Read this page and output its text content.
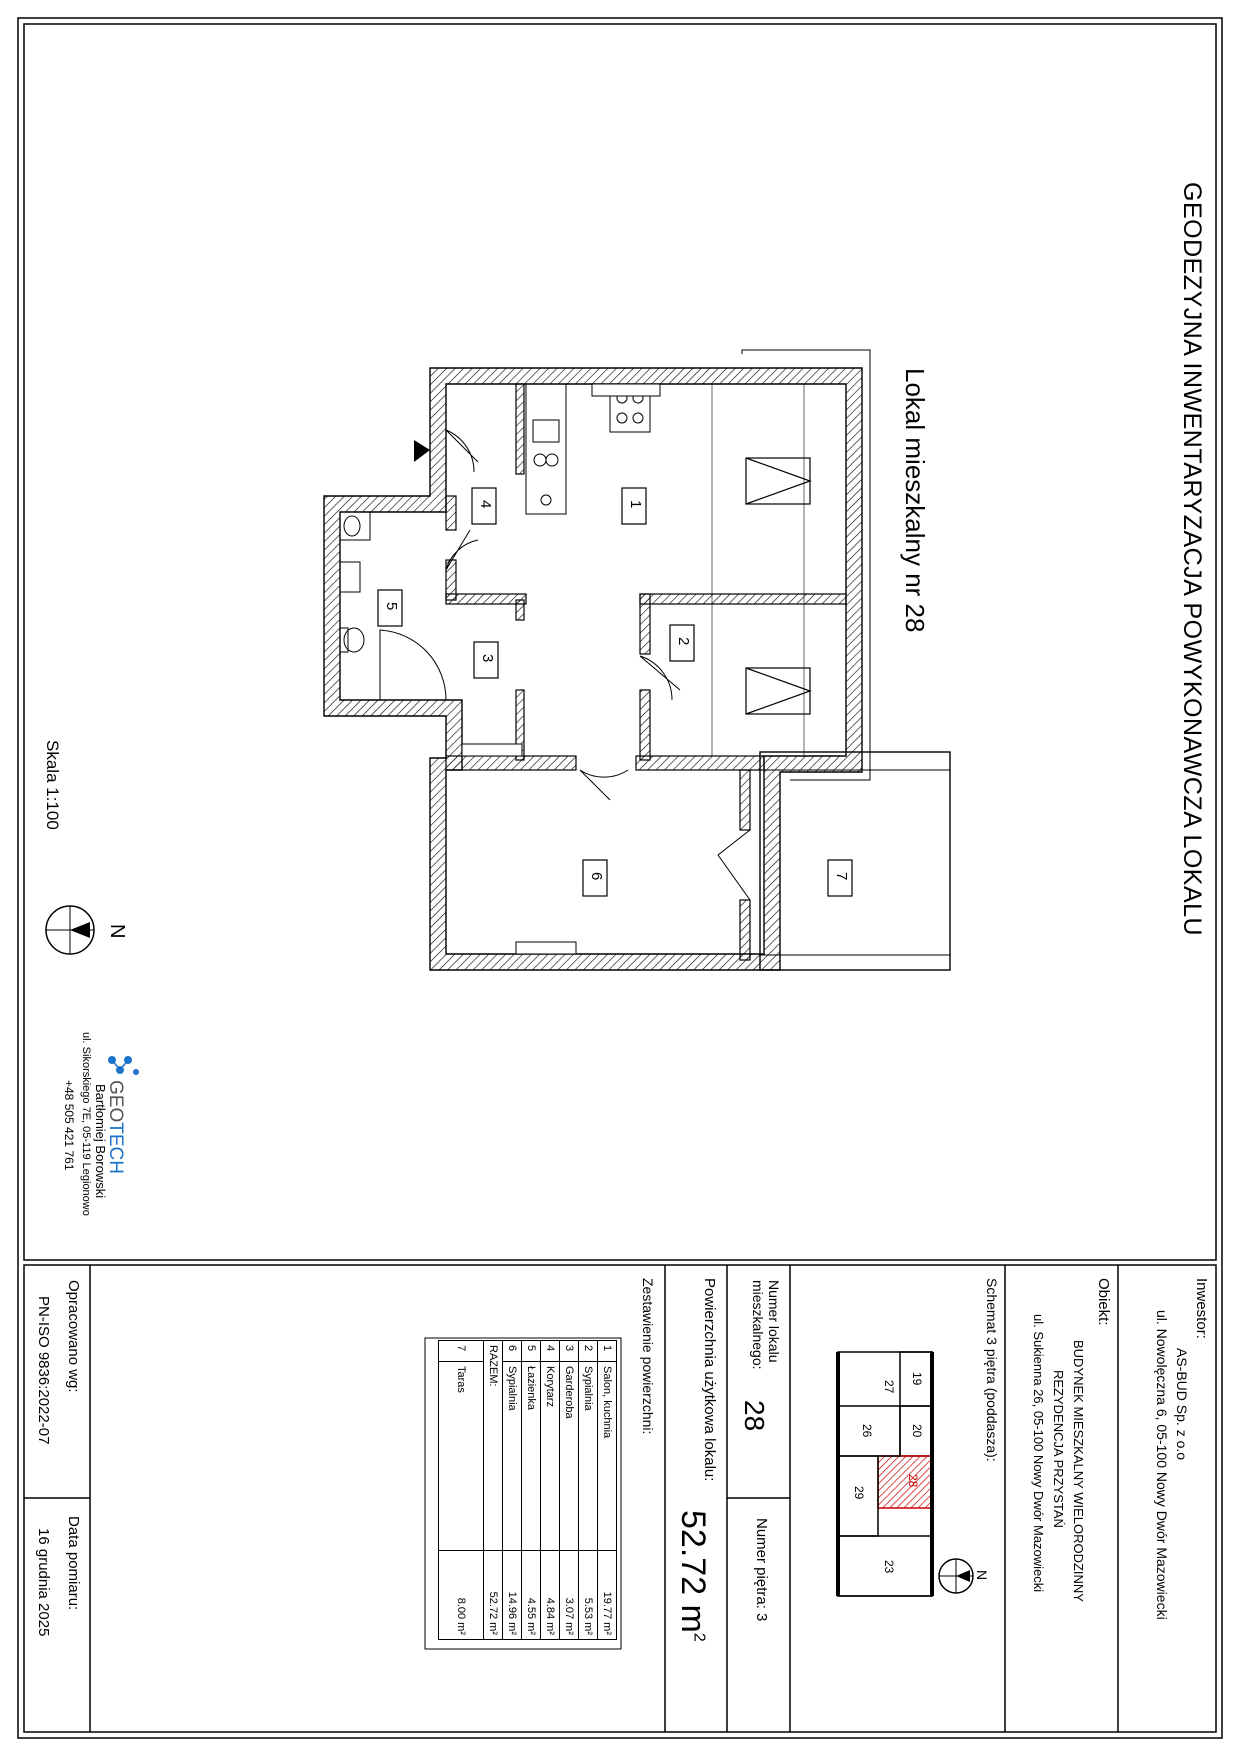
GEODEZYJNA INWENTARYZACJA POWYKONAWCZA LOKALU
Lokal mieszkalny nr 28
1
2
3
4
5
6	7
Skala 1:100
N
GEOTECH
Bartłomiej Borowski
ul. Sikorskiego 7E, 05-119 Legionowo
+48 505 421 761
Inwestor:
AS-BUD Sp. z o.o
ul. Nowolęczna 6, 05-100 Nowy Dwór Mazowiecki
Obiekt:
BUDYNEK MIESZKALNY WIELORODZINNY
REZYDENCJA PRZYSTAŃ
ul. Sukienna 26, 05-100 Nowy Dwór Mazowiecki
Schemat 3 piętra (poddasza):
N
27
26
19
20
28
29
23
Numer lokalu mieszkalnego:
28
Numer piętra: 3
Powierzchnia użytkowa lokalu:
52.72 $m^2$
Zestawienie powierzchni:
1	Salon, kuchnia	19.77 m²
2	Sypialnia	5.53 m²
3	Garderoba	3.07 m²
4	Korytarz	4.84 m²
5	Łazienka	4.55 m²
6	Sypialnia	14.96 m²
RAZEM:		52.72 m²
7	Taras	8.00 m²
Opracowano wg:
PN-ISO 9836:2022-07
Data pomiaru:
16 grudnia 2025
